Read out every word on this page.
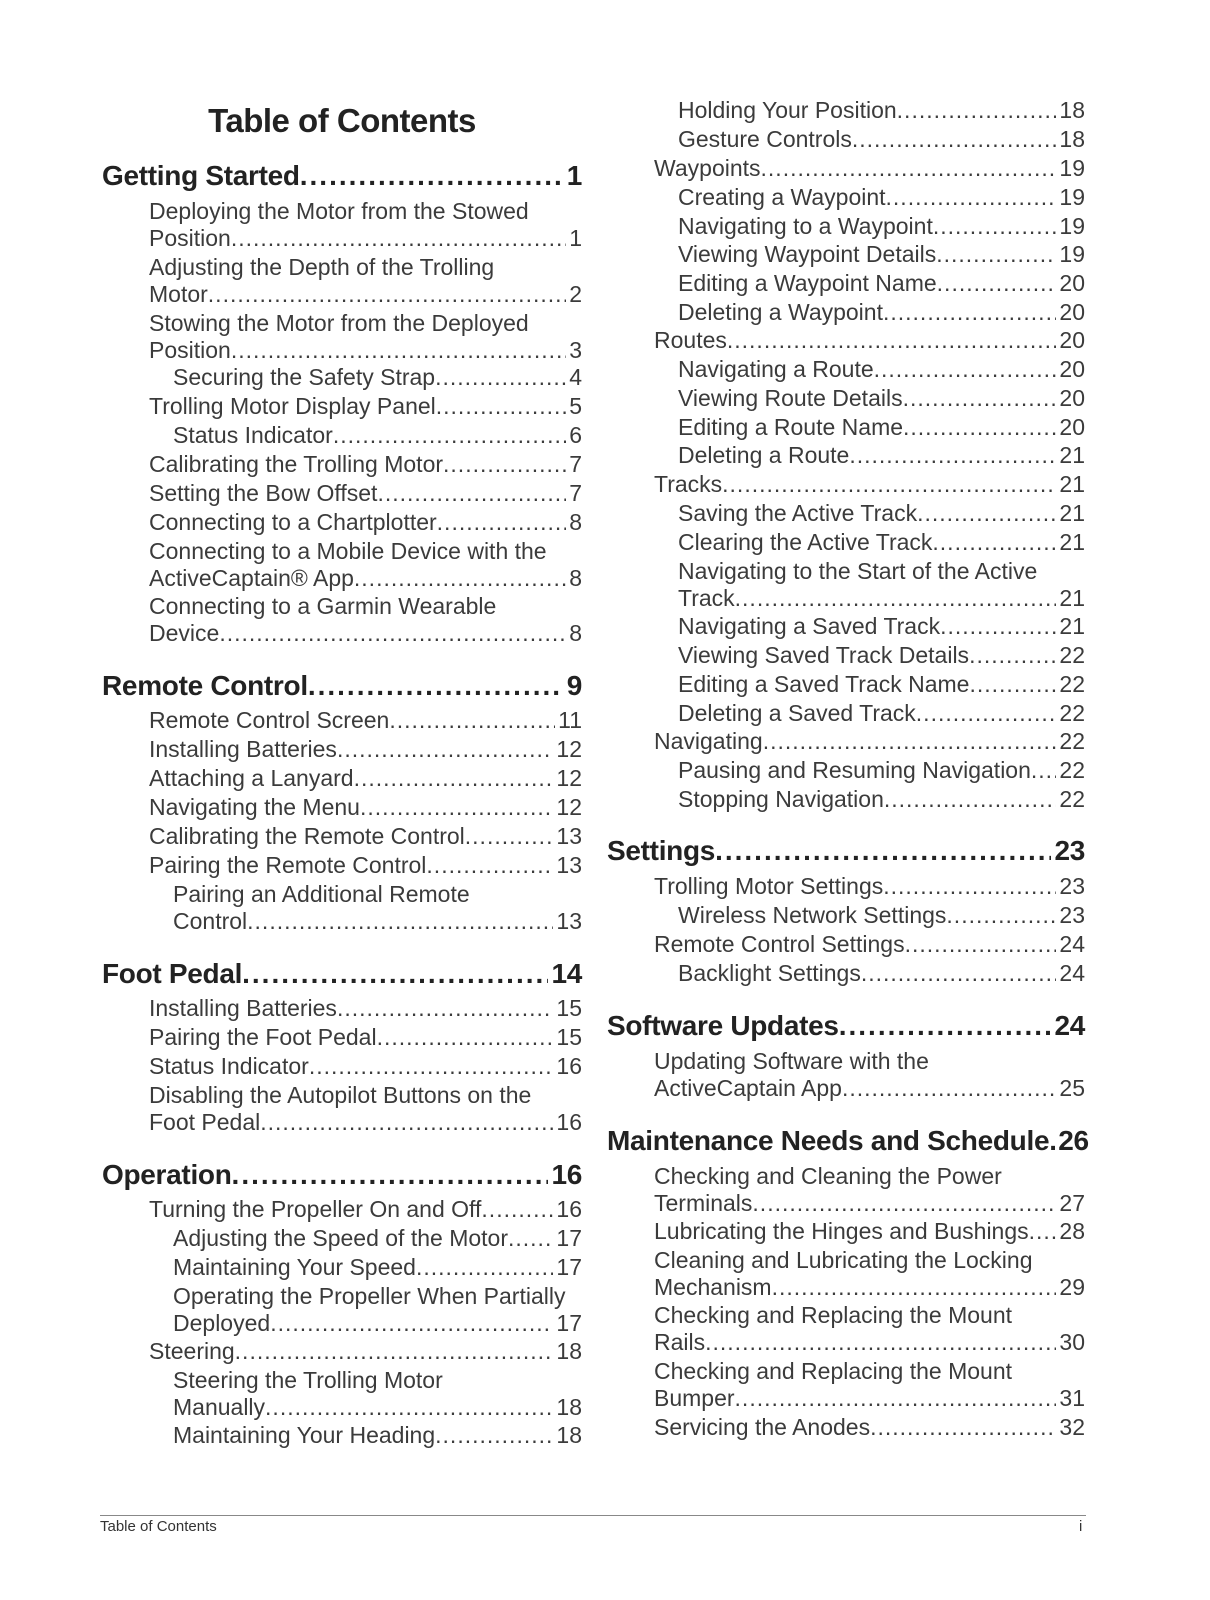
Table of Contents
Getting Started .....	1
Deploying the Motor from the Stowed
Position .....	1
Adjusting the Depth of the Trolling
Motor .....	2
Stowing the Motor from the Deployed
Position .....	3
Securing the Safety Strap .....	4
Trolling Motor Display Panel .....	5
Status Indicator .....	6
Calibrating the Trolling Motor .....	7
Setting the Bow Offset .....	7
Connecting to a Chartplotter .....	8
Connecting to a Mobile Device with the
ActiveCaptain® App .....	8
Connecting to a Garmin Wearable
Device .....	8
Remote Control .....	9
Remote Control Screen .....	11
Installing Batteries .....	12
Attaching a Lanyard .....	12
Navigating the Menu .....	12
Calibrating the Remote Control .....	13
Pairing the Remote Control .....	13
Pairing an Additional Remote
Control .....	13
Foot Pedal .....	14
Installing Batteries .....	15
Pairing the Foot Pedal .....	15
Status Indicator .....	16
Disabling the Autopilot Buttons on the
Foot Pedal .....	16
Operation .....	16
Turning the Propeller On and Off .....	16
Adjusting the Speed of the Motor ..... 17
Maintaining Your Speed .....	17
Operating the Propeller When Partially
Deployed .....	17
Steering .....	18
Steering the Trolling Motor
Manually .....	18
Maintaining Your Heading .....	18
Holding Your Position .....	18
Gesture Controls .....	18
Waypoints .....	19
Creating a Waypoint .....	19
Navigating to a Waypoint .....	19
Viewing Waypoint Details .....	19
Editing a Waypoint Name .....	20
Deleting a Waypoint .....	20
Routes .....	20
Navigating a Route .....	20
Viewing Route Details .....	20
Editing a Route Name .....	20
Deleting a Route .....	21
Tracks .....	21
Saving the Active Track .....	21
Clearing the Active Track .....	21
Navigating to the Start of the Active
Track .....	21
Navigating a Saved Track .....	21
Viewing Saved Track Details .....	22
Editing a Saved Track Name .....	22
Deleting a Saved Track .....	22
Navigating .....	22
Pausing and Resuming Navigation ..... 22
Stopping Navigation .....	22
Settings .....	23
Trolling Motor Settings .....	23
Wireless Network Settings .....	23
Remote Control Settings .....	24
Backlight Settings .....	24
Software Updates .....	24
Updating Software with the
ActiveCaptain App .....	25
Maintenance Needs and Schedule ..... 26
Checking and Cleaning the Power
Terminals .....	27
Lubricating the Hinges and Bushings ..... 28
Cleaning and Lubricating the Locking
Mechanism .....	29
Checking and Replacing the Mount
Rails .....	30
Checking and Replacing the Mount
Bumper .....	31
Servicing the Anodes .....	32
Table of Contents	i
